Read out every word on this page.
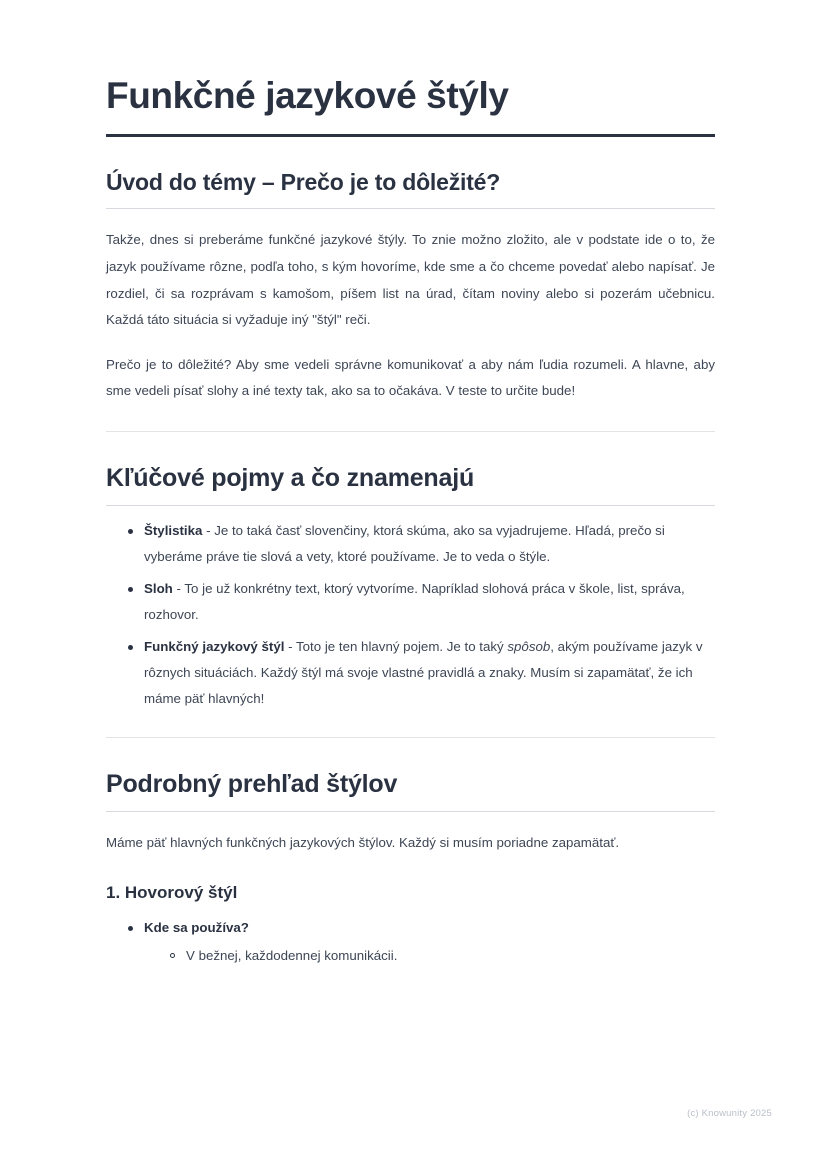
Funkčné jazykové štýly
Úvod do témy – Prečo je to dôležité?

Takže, dnes si preberáme funkčné jazykové štýly. To znie možno zložito, ale v podstate ide o to, že jazyk používame rôzne, podľa toho, s kým hovoríme, kde sme a čo chceme povedať alebo napísať. Je rozdiel, či sa rozprávam s kamošom, píšem list na úrad, čítam noviny alebo si pozerám učebnicu. Každá táto situácia si vyžaduje iný "štýl" reči.

Prečo je to dôležité? Aby sme vedeli správne komunikovať a aby nám ľudia rozumeli. A hlavne, aby sme vedeli písať slohy a iné texty tak, ako sa to očakáva. V teste to určite bude!

Kľúčové pojmy a čo znamenajú
Štylistika - Je to taká časť slovenčiny, ktorá skúma, ako sa vyjadrujeme. Hľadá, prečo si vyberáme práve tie slová a vety, ktoré používame. Je to veda o štýle.
Sloh - To je už konkrétny text, ktorý vytvoríme. Napríklad slohová práca v škole, list, správa, rozhovor.
Funkčný jazykový štýl - Toto je ten hlavný pojem. Je to taký spôsob, akým používame jazyk v rôznych situáciách. Každý štýl má svoje vlastné pravidlá a znaky. Musím si zapamätať, že ich máme päť hlavných!
Podrobný prehľad štýlov

Máme päť hlavných funkčných jazykových štýlov. Každý si musím poriadne zapamätať.

1. Hovorový štýl
Kde sa používa?
V bežnej, každodennej komunikácii.
(c) Knowunity 2025
